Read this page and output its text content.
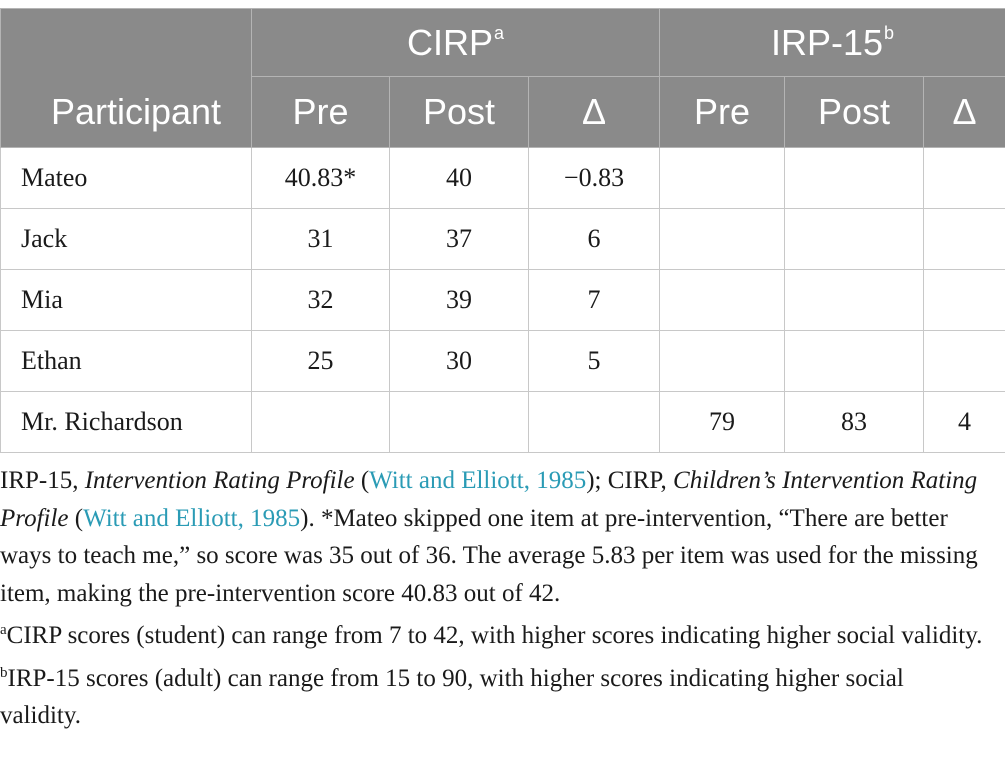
Participant	CIRP$^a$			IRP-15$^b$
	Pre	Post	Δ	Pre	Post	Δ
Mateo	40.83*	40	−0.83			
Jack	31	37	6			
Mia	32	39	7			
Ethan	25	30	5			
Mr. Richardson				79	83	4

IRP-15, Intervention Rating Profile (Witt and Elliott, 1985); CIRP, Children’s Intervention Rating Profile (Witt and Elliott, 1985). *Mateo skipped one item at pre-intervention, “There are better ways to teach me,” so score was 35 out of 36. The average 5.83 per item was used for the missing item, making the pre-intervention score 40.83 out of 42.

$^a$CIRP scores (student) can range from 7 to 42, with higher scores indicating higher social validity.

$^b$IRP-15 scores (adult) can range from 15 to 90, with higher scores indicating higher social validity.
